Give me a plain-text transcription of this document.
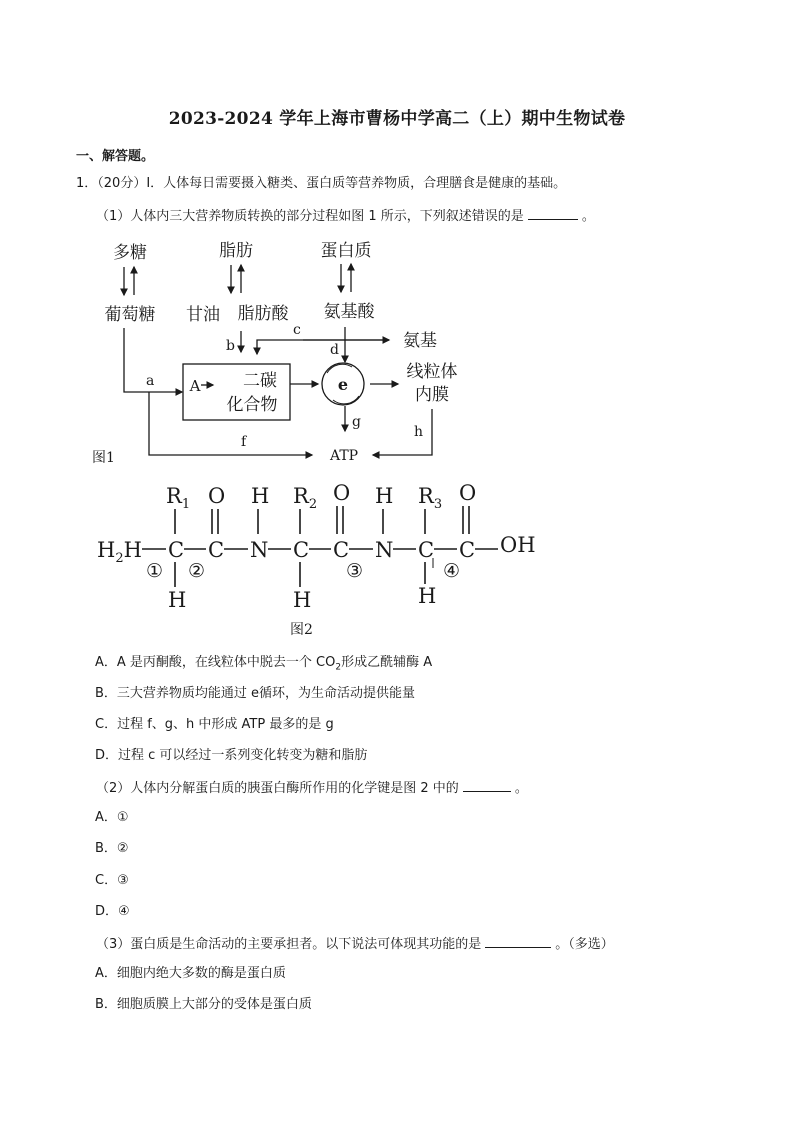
2023-2024 学年上海市曹杨中学高二（上）期中生物试卷
一、解答题。
1．（20分）Ⅰ．人体每日需要摄入糖类、蛋白质等营养物质，合理膳食是健康的基础。
（1）人体内三大营养物质转换的部分过程如图 1 所示，下列叙述错误的是	。
多糖	脂肪	蛋白质
葡萄糖 甘油 脂肪酸 氨基酸
氨基
二碳
化合物
线粒体
内膜
e
A
b
c
d
a
f
g
h
ATP
图1
$H_2H$
$R_1$	$R_2$	$R_3$
O	O	O
H	H
C C N C C N C C OH
H	H	H
① ②	③	④
图2
A．A 是丙酮酸，在线粒体中脱去一个 $CO_2$形成乙酰辅酶 A
B．三大营养物质均能通过 e循环，为生命活动提供能量
C．过程 f、g、h 中形成 ATP 最多的是 g
D．过程 c 可以经过一系列变化转变为糖和脂肪
（2）人体内分解蛋白质的胰蛋白酶所作用的化学键是图 2 中的	。
A．①
B．②
C．③
D．④
（3）蛋白质是生命活动的主要承担者。以下说法可体现其功能的是	。（多选）
A．细胞内绝大多数的酶是蛋白质
B．细胞质膜上大部分的受体是蛋白质
